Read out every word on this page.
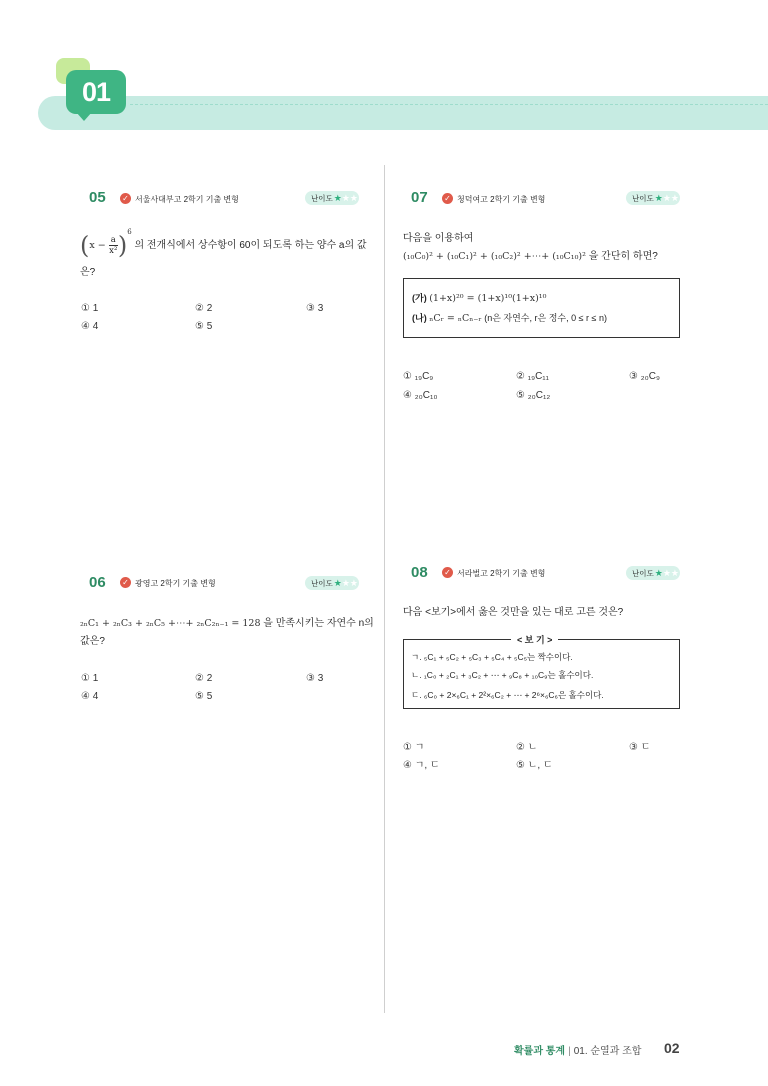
01
05 ✓ 서울사대부고 2학기 기출 변형	난이도 ★ ★★
$(x - \frac{a}{\text{x²}} )^6$ 의 전개식에서 상수항이 60이 되도록 하는 양수 a의 값
은?
① 1	② 2	③ 3
④ 4	⑤ 5
06 ✓ 광영고 2학기 기출 변형	난이도 ★ ★★
₂ₙC₁ + ₂ₙC₃ + ₂ₙC₅ +⋯+ ₂ₙC₂ₙ₋₁ = 128 을 만족시키는 자연수 n의
값은?
① 1	② 2	③ 3
④ 4	⑤ 5
07 ✓ 청덕여고 2학기 기출 변형	난이도 ★ ★★
다음을 이용하여
(₁₀C₀)² + (₁₀C₁)² + (₁₀C₂)² +⋯+ (₁₀C₁₀)² 을 간단히 하면?
(가) (1+x)²⁰ = (1+x)¹⁰(1+x)¹⁰
(나) ₙCᵣ = ₙCₙ₋ᵣ (n은 자연수, r은 정수, 0 ≤ r ≤ n)
① ₁₉C₉	② ₁₉C₁₁	③ ₂₀C₉
④ ₂₀C₁₀	⑤ ₂₀C₁₂
08 ✓ 서라벌고 2학기 기출 변형	난이도 ★ ★★
다음 <보기>에서 옳은 것만을 있는 대로 고른 것은?
< 보 기 >
ㄱ. ₅C₁ + ₅C₂ + ₅C₃ + ₅C₄ + ₅C₅는 짝수이다.
ㄴ. ₁C₀ + ₂C₁ + ₃C₂ + ⋯ + ₉C₈ + ₁₀C₉는 홀수이다.
ㄷ. ₆C₀ + 2×₆C₁ + 2²×₆C₂ + ⋯ + 2⁶×₆C₆은 홀수이다.
① ㄱ	② ㄴ	③ ㄷ
④ ㄱ, ㄷ	⑤ ㄴ, ㄷ
확률과 통계 | 01. 순열과 조합 02
